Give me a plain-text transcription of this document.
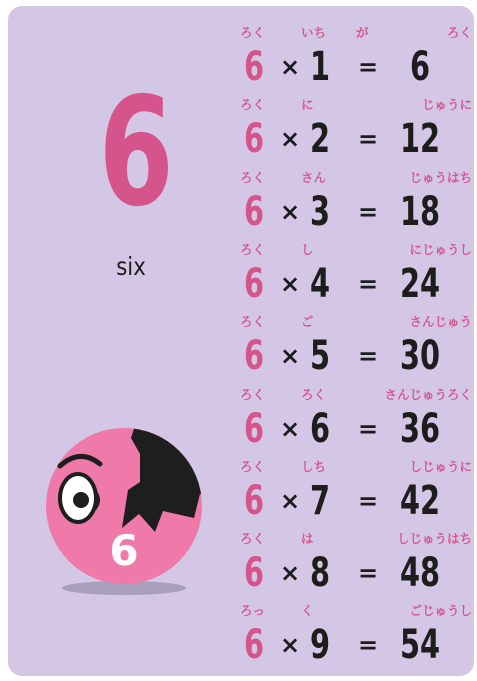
6
six
6
ろく	いち が	ろく
6 × 1 = 6
ろく	に	じゅうに
6 × 2 = 12
ろく	さん	じゅうはち
6 × 3 = 18
ろく	し	にじゅうし
6 × 4 = 24
ろく	ご	さんじゅう
6 × 5 = 30
ろく	ろく	さんじゅうろく
6 × 6 = 36
ろく	しち	しじゅうに
6 × 7 = 42
ろく	は	しじゅうはち
6 × 8 = 48
ろっ	く	ごじゅうし
6 × 9 = 54
